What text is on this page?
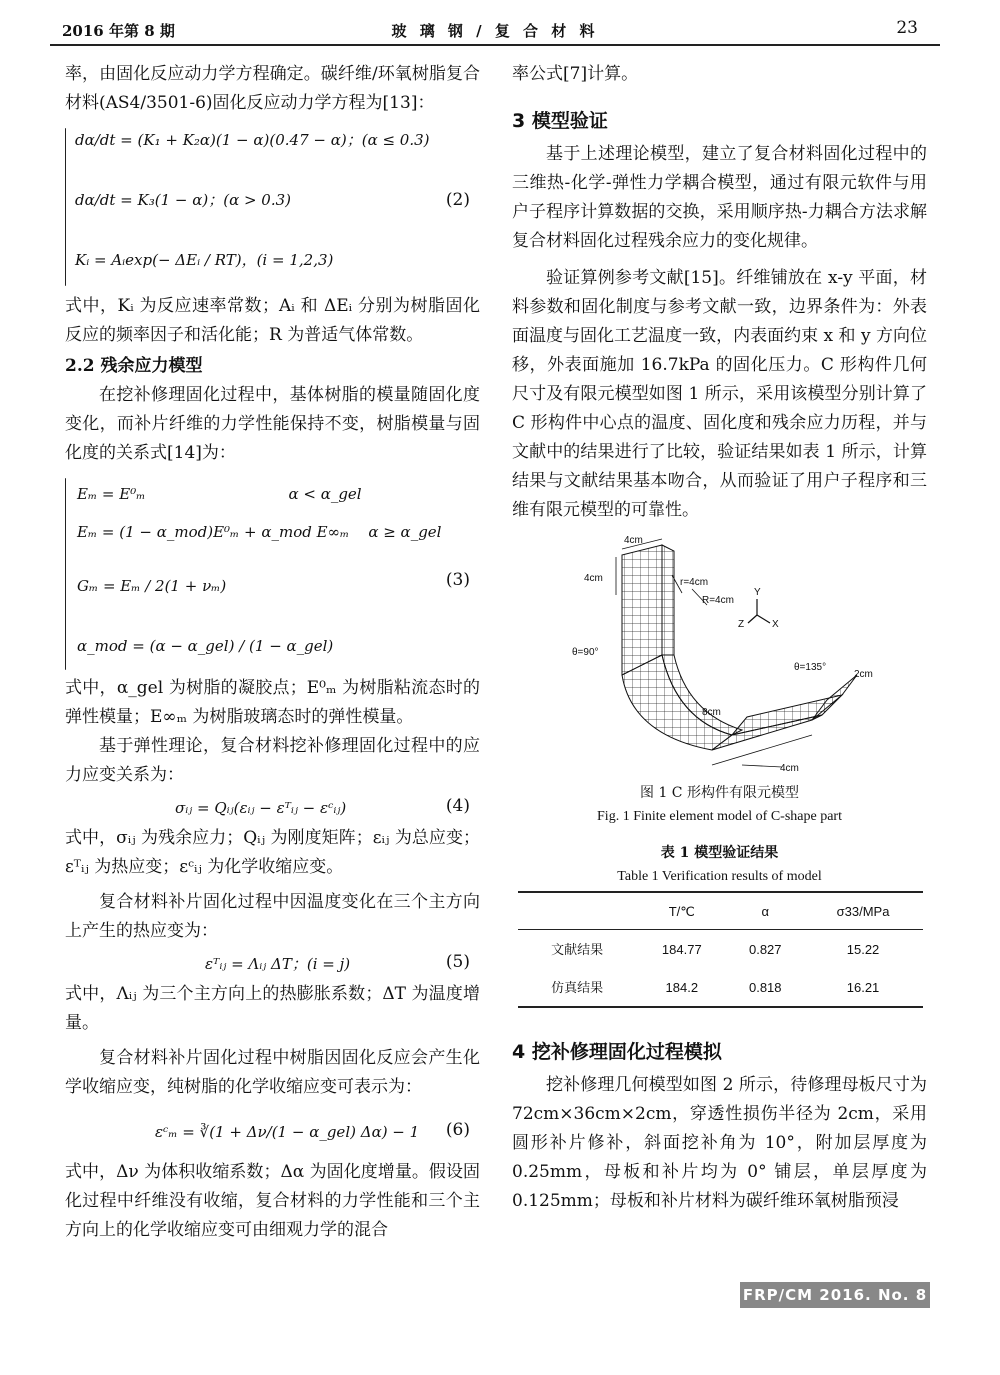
2016 年第 8 期	玻 璃 钢 / 复 合 材 料	23

率，由固化反应动力学方程确定。碳纤维/环氧树脂复合材料(AS4/3501-6)固化反应动力学方程为[13]：

dα/dt = (K₁ + K₂α)(1 − α)(0.47 − α)；(α ≤ 0.3)
dα/dt = K₃(1 − α)；(α > 0.3)
Kᵢ = Aᵢexp(− ΔEᵢ / RT)，(i = 1,2,3)
(2)

式中，Kᵢ 为反应速率常数；Aᵢ 和 ΔEᵢ 分别为树脂固化反应的频率因子和活化能；R 为普适气体常数。

2.2 残余应力模型

在挖补修理固化过程中，基体树脂的模量随固化度变化，而补片纤维的力学性能保持不变，树脂模量与固化度的关系式[14]为：

Eₘ = E⁰ₘ                              α < α_gel
Eₘ = (1 − α_mod)E⁰ₘ + α_mod E∞ₘ    α ≥ α_gel
Gₘ = Eₘ / 2(1 + νₘ)
α_mod = (α − α_gel) / (1 − α_gel)
(3)

式中，α_gel 为树脂的凝胶点；E⁰ₘ 为树脂粘流态时的弹性模量；E∞ₘ 为树脂玻璃态时的弹性模量。

基于弹性理论，复合材料挖补修理固化过程中的应力应变关系为：

σᵢⱼ = Qᵢⱼ(εᵢⱼ − εᵀᵢⱼ − εᶜᵢⱼ)	(4)

式中，σᵢⱼ 为残余应力；Qᵢⱼ 为刚度矩阵；εᵢⱼ 为总应变；εᵀᵢⱼ 为热应变；εᶜᵢⱼ 为化学收缩应变。

复合材料补片固化过程中因温度变化在三个主方向上产生的热应变为：

εᵀᵢⱼ = Λᵢⱼ ΔT；(i = j)	(5)

式中，Λᵢⱼ 为三个主方向上的热膨胀系数；ΔT 为温度增量。

复合材料补片固化过程中树脂因固化反应会产生化学收缩应变，纯树脂的化学收缩应变可表示为：

εᶜₘ = ∛(1 + Δν/(1 − α_gel) Δα) − 1 (6)

式中，Δν 为体积收缩系数；Δα 为固化度增量。假设固化过程中纤维没有收缩，复合材料的力学性能和三个主方向上的化学收缩应变可由细观力学的混合

率公式[7]计算。

3 模型验证

基于上述理论模型，建立了复合材料固化过程中的三维热-化学-弹性力学耦合模型，通过有限元软件与用户子程序计算数据的交换，采用顺序热-力耦合方法求解复合材料固化过程残余应力的变化规律。

验证算例参考文献[15]。纤维铺放在 x-y 平面，材料参数和固化制度与参考文献一致，边界条件为：外表面温度与固化工艺温度一致，内表面约束 x 和 y 方向位移，外表面施加 16.7kPa 的固化压力。C 形构件几何尺寸及有限元模型如图 1 所示，采用该模型分别计算了 C 形构件中心点的温度、固化度和残余应力历程，并与文献中的结果进行了比较，验证结果如表 1 所示，计算结果与文献结果基本吻合，从而验证了用户子程序和三维有限元模型的可靠性。

4cm
4cm	r=4cm
R=4cm
θ=90°
θ=135°
2cm
8cm
4cm
Y
Z	X
图 1 C 形构件有限元模型
Fig. 1 Finite element model of C-shape part
表 1 模型验证结果
Table 1 Verification results of model
	T/℃	α	σ33/MPa
文献结果	184.77	0.827	15.22
仿真结果	184.2	0.818	16.21
4 挖补修理固化过程模拟

挖补修理几何模型如图 2 所示，待修理母板尺寸为 72cm×36cm×2cm，穿透性损伤半径为 2cm，采用圆形补片修补，斜面挖补角为 10°，附加层厚度为 0.25mm，母板和补片均为 0° 铺层，单层厚度为 0.125mm；母板和补片材料为碳纤维环氧树脂预浸

FRP/CM 2016. No. 8
